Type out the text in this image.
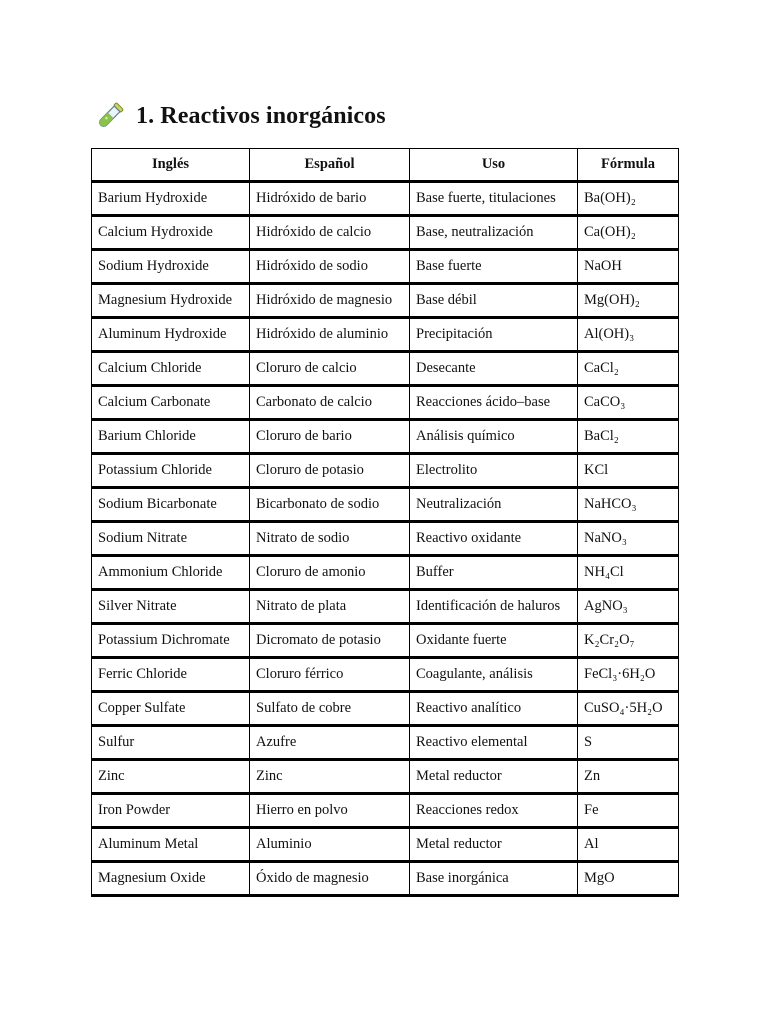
1. Reactivos inorgánicos
Inglés	Español	Uso	Fórmula
Barium Hydroxide	Hidróxido de bario	Base fuerte, titulaciones	Ba(OH)₂
Calcium Hydroxide	Hidróxido de calcio	Base, neutralización	Ca(OH)₂
Sodium Hydroxide	Hidróxido de sodio	Base fuerte	NaOH
Magnesium Hydroxide	Hidróxido de magnesio	Base débil	Mg(OH)₂
Aluminum Hydroxide	Hidróxido de aluminio	Precipitación	Al(OH)₃
Calcium Chloride	Cloruro de calcio	Desecante	CaCl₂
Calcium Carbonate	Carbonato de calcio	Reacciones ácido–base	CaCO₃
Barium Chloride	Cloruro de bario	Análisis químico	BaCl₂
Potassium Chloride	Cloruro de potasio	Electrolito	KCl
Sodium Bicarbonate	Bicarbonato de sodio	Neutralización	NaHCO₃
Sodium Nitrate	Nitrato de sodio	Reactivo oxidante	NaNO₃
Ammonium Chloride	Cloruro de amonio	Buffer	NH₄Cl
Silver Nitrate	Nitrato de plata	Identificación de haluros	AgNO₃
Potassium Dichromate	Dicromato de potasio	Oxidante fuerte	K₂Cr₂O₇
Ferric Chloride	Cloruro férrico	Coagulante, análisis	FeCl₃·6H₂O
Copper Sulfate	Sulfato de cobre	Reactivo analítico	CuSO₄·5H₂O
Sulfur	Azufre	Reactivo elemental	S
Zinc	Zinc	Metal reductor	Zn
Iron Powder	Hierro en polvo	Reacciones redox	Fe
Aluminum Metal	Aluminio	Metal reductor	Al
Magnesium Oxide	Óxido de magnesio	Base inorgánica	MgO
